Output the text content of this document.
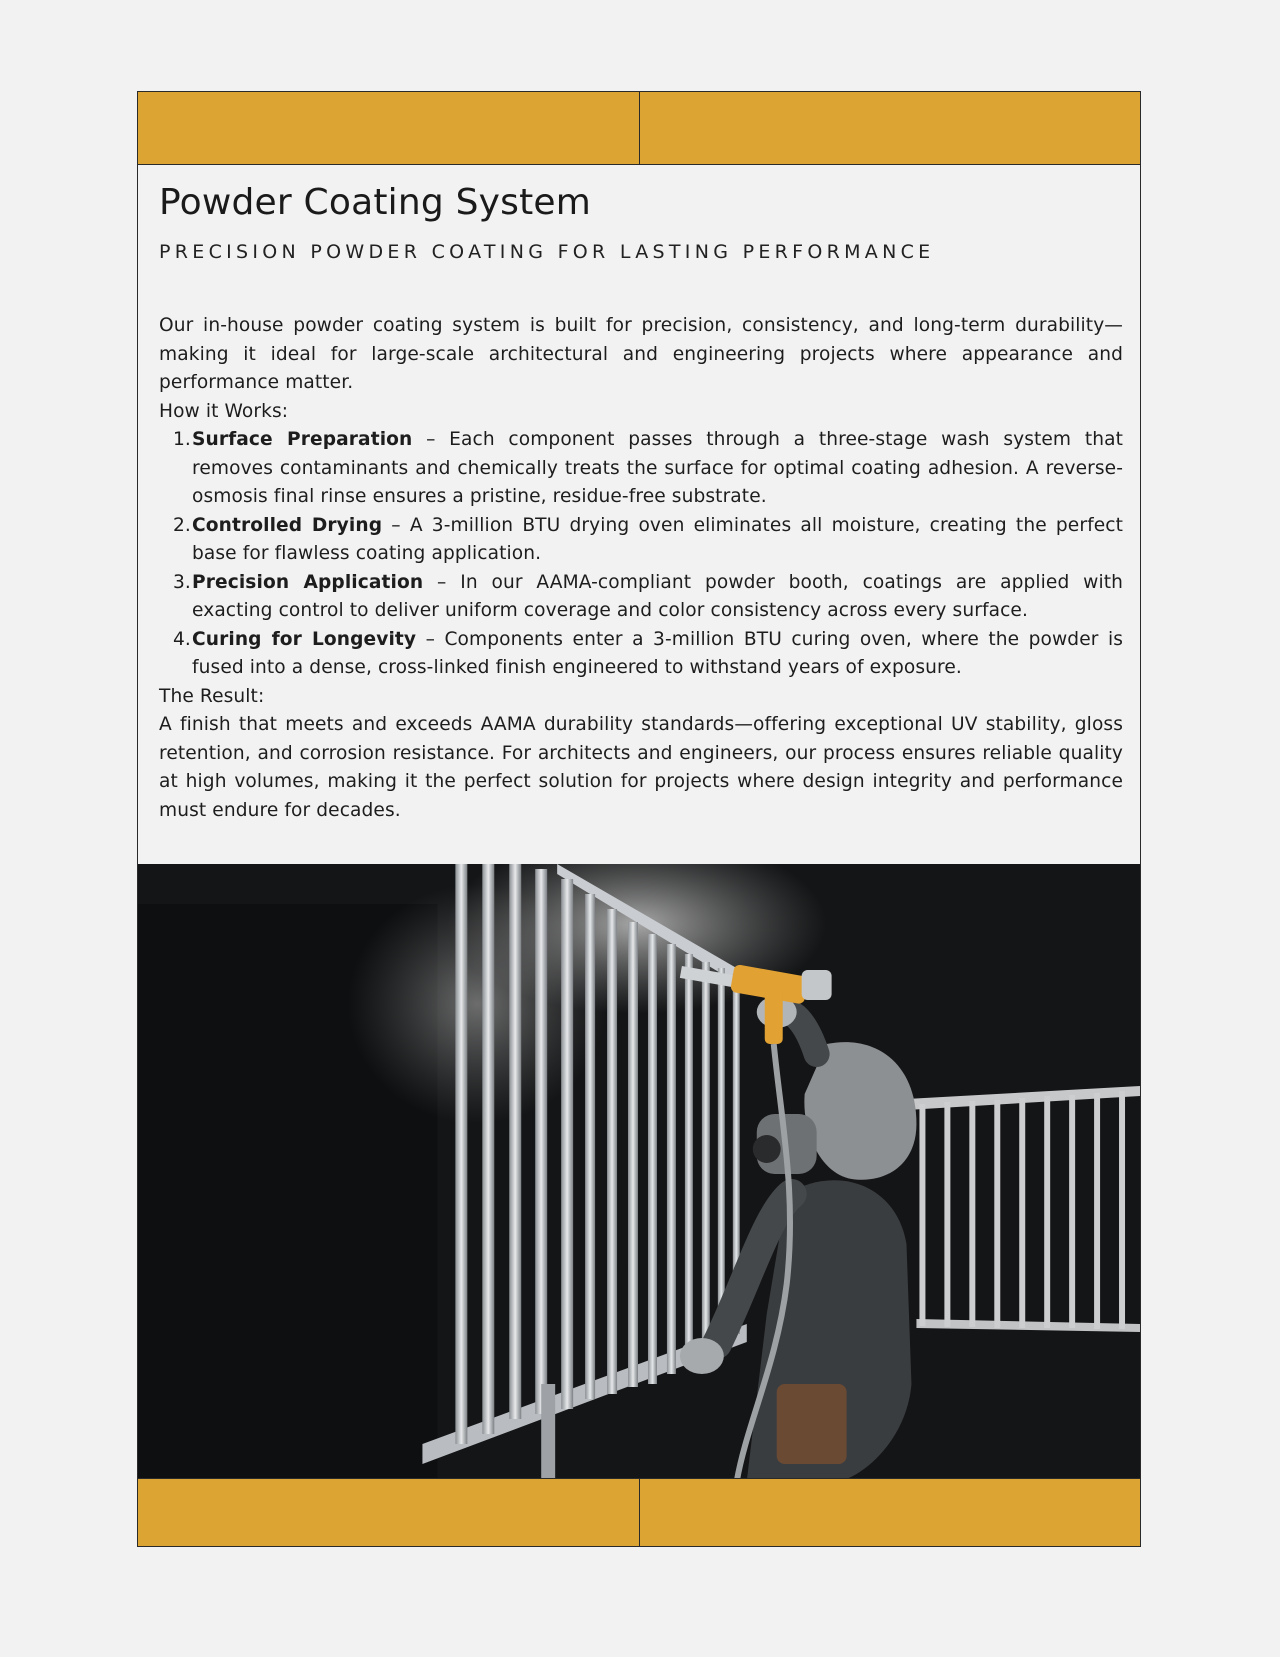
Powder Coating System
PRECISION POWDER COATING FOR LASTING PERFORMANCE

Our in-house powder coating system is built for precision, consistency, and long-term durability—making it ideal for large-scale architectural and engineering projects where appearance and performance matter.

How it Works:

1. Surface Preparation – Each component passes through a three-stage wash system that removes contaminants and chemically treats the surface for optimal coating adhesion. A reverse-osmosis final rinse ensures a pristine, residue-free substrate.
2. Controlled Drying – A 3-million BTU drying oven eliminates all moisture, creating the perfect base for flawless coating application.
3. Precision Application – In our AAMA-compliant powder booth, coatings are applied with exacting control to deliver uniform coverage and color consistency across every surface.
4. Curing for Longevity – Components enter a 3-million BTU curing oven, where the powder is fused into a dense, cross-linked finish engineered to withstand years of exposure.

The Result:

A finish that meets and exceeds AAMA durability standards—offering exceptional UV stability, gloss retention, and corrosion resistance. For architects and engineers, our process ensures reliable quality at high volumes, making it the perfect solution for projects where design integrity and performance must endure for decades.
